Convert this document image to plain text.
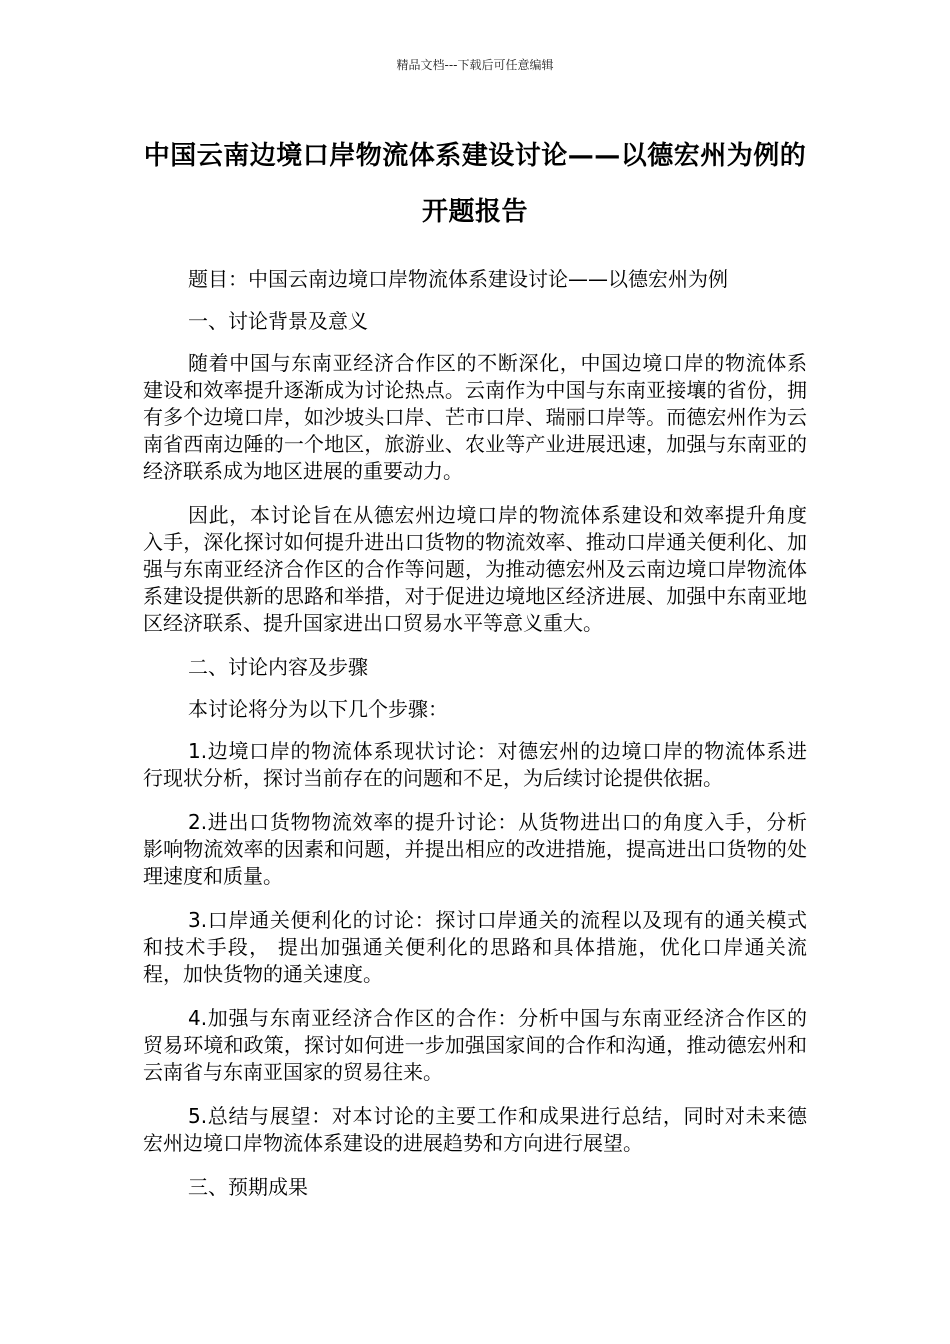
精品文档---下载后可任意编辑
中国云南边境口岸物流体系建设讨论——以德宏州为例的开题报告

题目：中国云南边境口岸物流体系建设讨论——以德宏州为例

一、讨论背景及意义

随着中国与东南亚经济合作区的不断深化，中国边境口岸的物流体系建设和效率提升逐渐成为讨论热点。云南作为中国与东南亚接壤的省份，拥有多个边境口岸，如沙坡头口岸、芒市口岸、瑞丽口岸等。而德宏州作为云南省西南边陲的一个地区，旅游业、农业等产业进展迅速，加强与东南亚的经济联系成为地区进展的重要动力。

因此，本讨论旨在从德宏州边境口岸的物流体系建设和效率提升角度入手，深化探讨如何提升进出口货物的物流效率、推动口岸通关便利化、加强与东南亚经济合作区的合作等问题，为推动德宏州及云南边境口岸物流体系建设提供新的思路和举措，对于促进边境地区经济进展、加强中东南亚地区经济联系、提升国家进出口贸易水平等意义重大。

二、讨论内容及步骤

本讨论将分为以下几个步骤：

1.边境口岸的物流体系现状讨论：对德宏州的边境口岸的物流体系进行现状分析，探讨当前存在的问题和不足，为后续讨论提供依据。

2.进出口货物物流效率的提升讨论：从货物进出口的角度入手，分析影响物流效率的因素和问题，并提出相应的改进措施，提高进出口货物的处理速度和质量。

3.口岸通关便利化的讨论：探讨口岸通关的流程以及现有的通关模式和技术手段， 提出加强通关便利化的思路和具体措施，优化口岸通关流程，加快货物的通关速度。

4.加强与东南亚经济合作区的合作：分析中国与东南亚经济合作区的贸易环境和政策，探讨如何进一步加强国家间的合作和沟通，推动德宏州和云南省与东南亚国家的贸易往来。

5.总结与展望：对本讨论的主要工作和成果进行总结，同时对未来德宏州边境口岸物流体系建设的进展趋势和方向进行展望。

三、预期成果
